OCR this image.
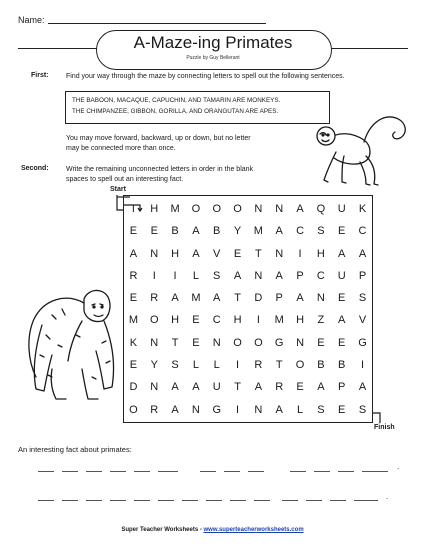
Name:
A-Maze-ing Primates
Puzzle by Guy Bellerant
First:	Find your way through the maze by connecting letters to spell out the following sentences.
THE BABOON, MACAQUE, CAPUCHIN, AND TAMARIN ARE MONKEYS.
THE CHIMPANZEE, GIBBON, GORILLA, AND ORANGUTAN ARE APES.
You may move forward, backward, up or down, but no letter
may be connected more than once.
Second: Write the remaining unconnected letters in order in the blank
spaces to spell out an interesting fact.
Start
T	H	M	O	O	O	N	N	A	Q	U	K
E	E	B	A	B	Y	M	A	C	S	E	C
A	N	H	A	V	E	T	N	I	H	A	A
R	I	I	L	S	A	N	A	P	C	U	P
E	R	A	M	A	T	D	P	A	N	E	S
M	O	H	E	C	H	I	M	H	Z	A	V
K	N	T	E	N	O	O	G	N	E	E	G
E	Y	S	L	L	I	R	T	O	B	B	I
D	N	A	A	U	T	A	R	E	A	P	A
O	R	A	N	G	I	N	A	L	S	E	S
Finish
An interesting fact about primates:
.
.
Super Teacher Worksheets - www.superteacherworksheets.com
